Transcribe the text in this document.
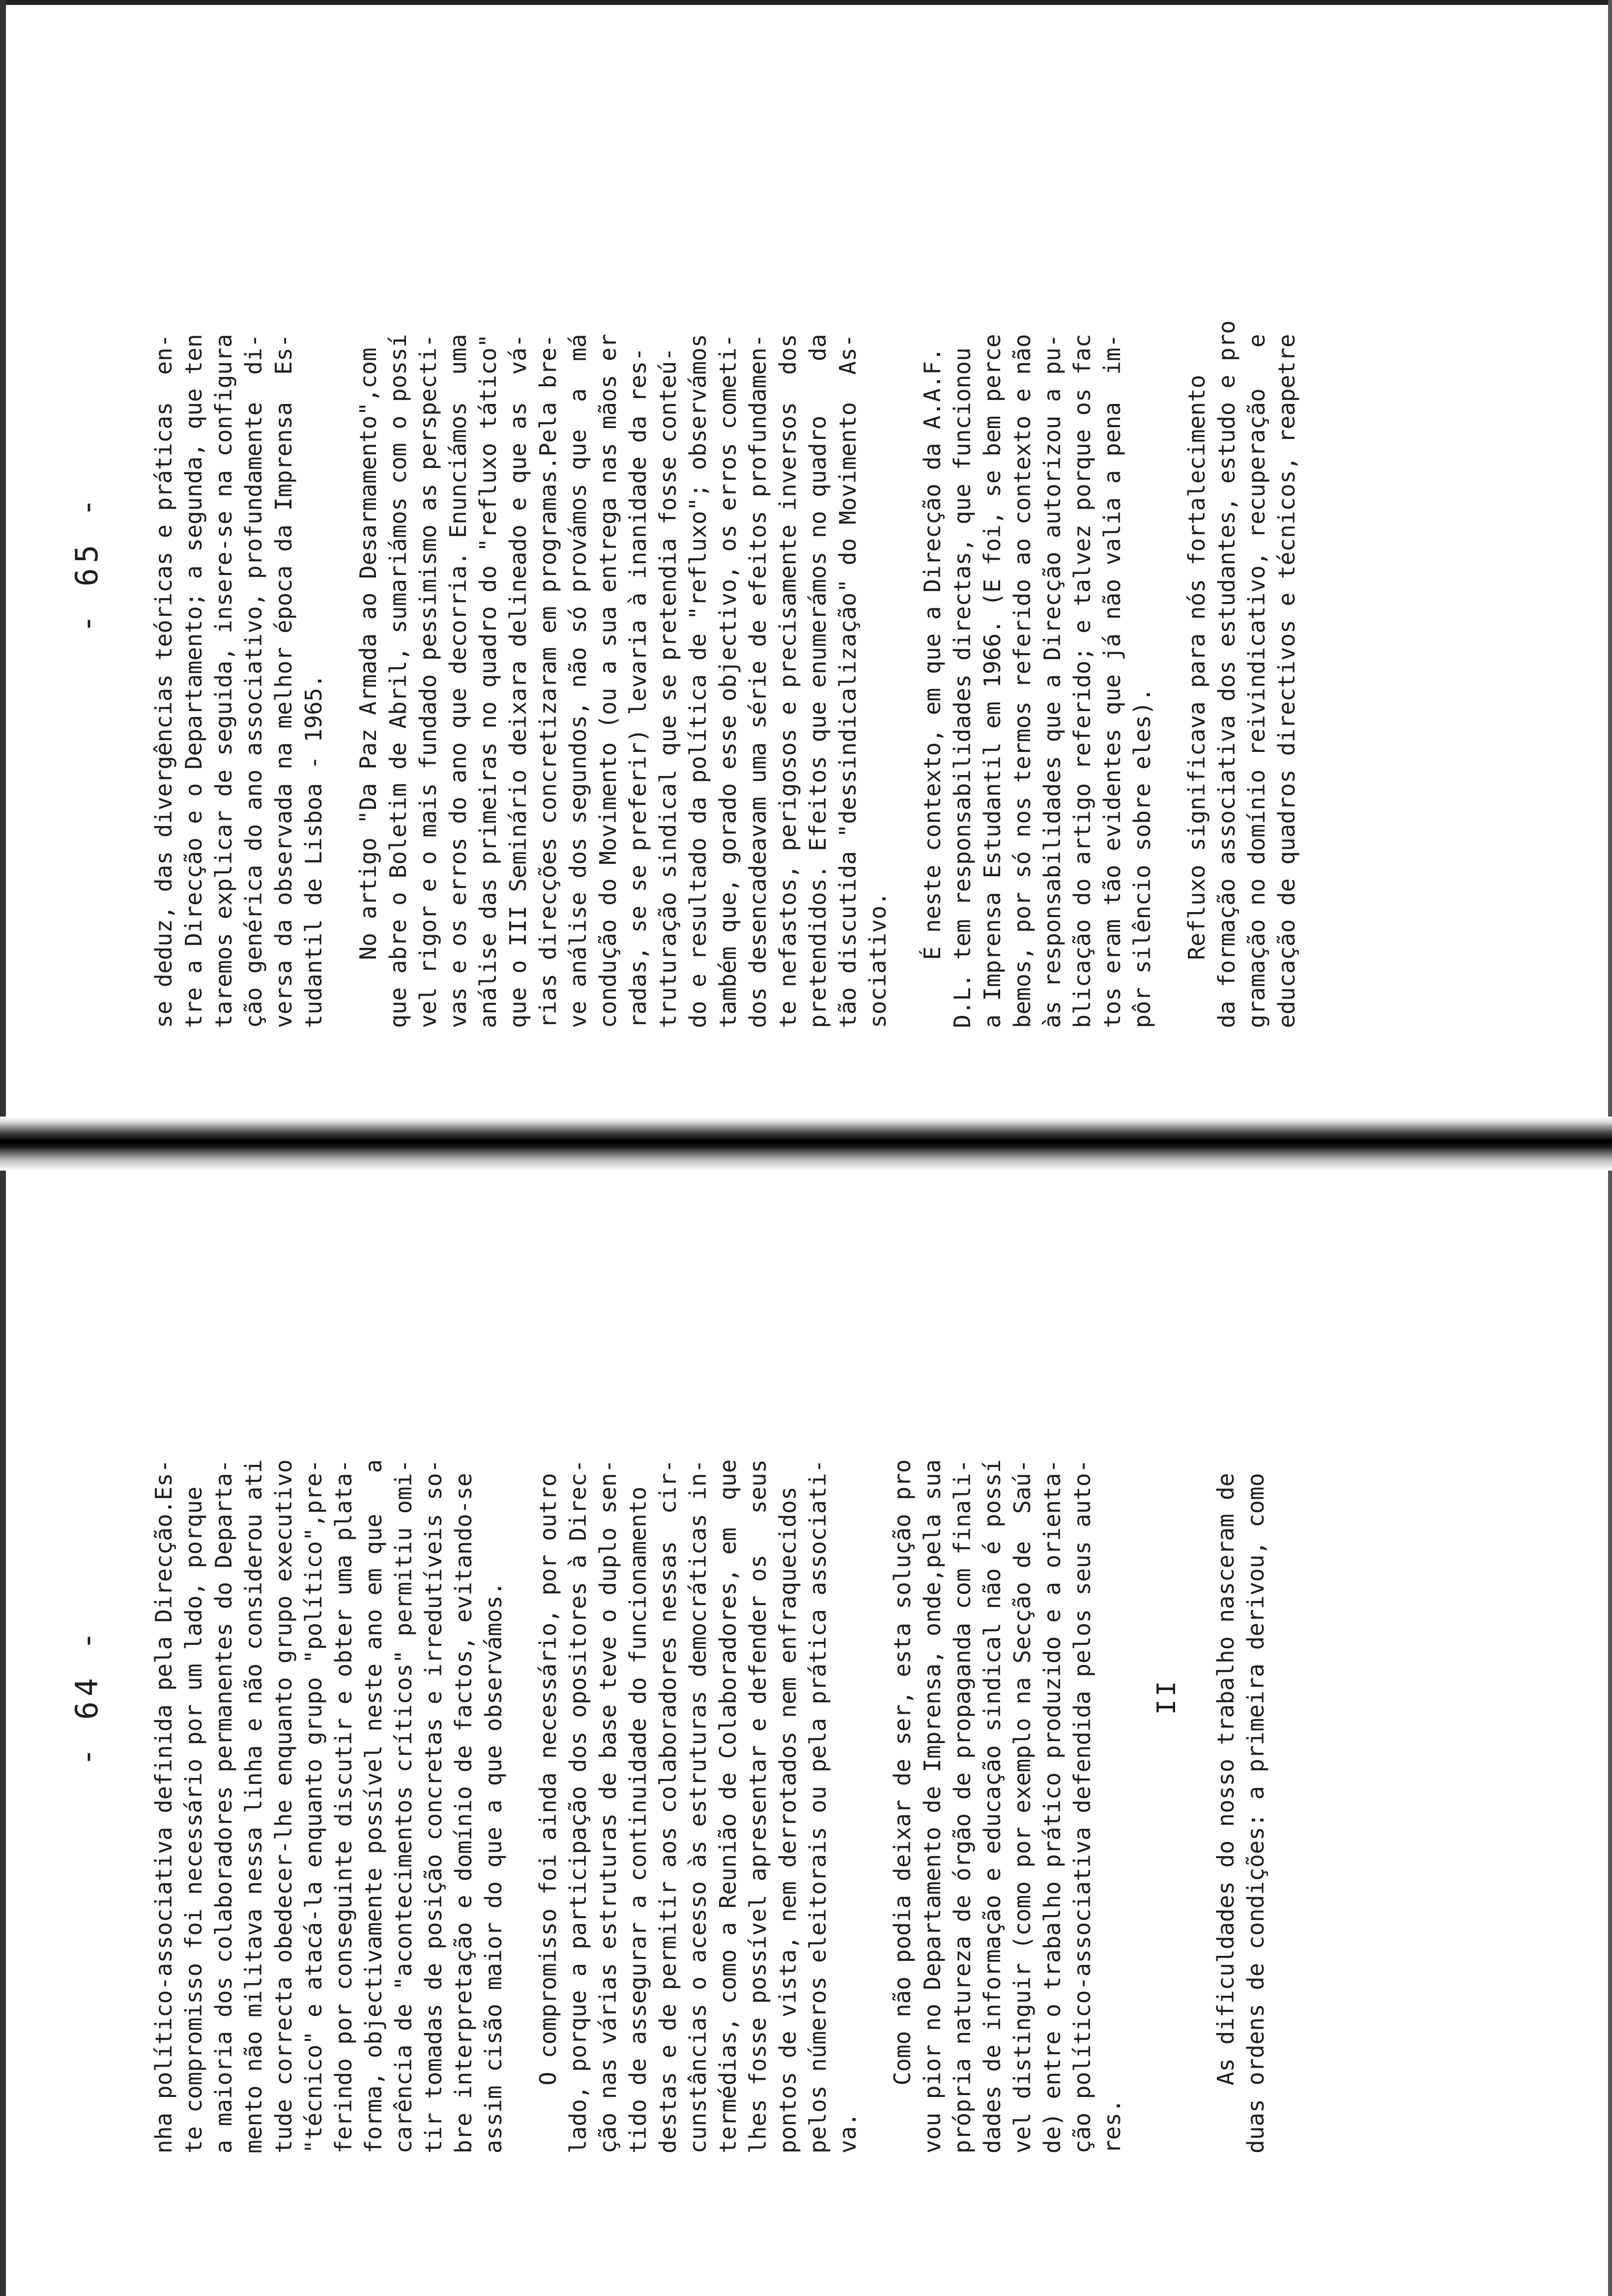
- 64 -

nha político-associativa definida pela Direcção.Es-
te compromisso foi necessário por um lado, porque
a maioria dos colaboradores permanentes do Departa-
mento não militava nessa linha e não considerou ati
tude correcta obedecer-lhe enquanto grupo executivo
"técnico" e atacá-la enquanto grupo "político",pre-
ferindo por conseguinte discutir e obter uma plata-
forma, objectivamente possível neste ano em que   a
carência de "acontecimentos críticos" permitiu omi-
tir tomadas de posição concretas e irredutíveis so-
bre interpretação e domínio de factos, evitando-se
assim cisão maior do que a que observámos.

O compromisso foi ainda necessário, por outro
lado, porque a participação dos opositores à Direc-
ção nas várias estruturas de base teve o duplo sen-
tido de assegurar a continuidade do funcionamento
destas e de permitir aos colaboradores nessas  cir-
cunstâncias o acesso às estruturas democráticas in-
termédias, como a Reunião de Colaboradores, em  que
lhes fosse possível apresentar e defender os   seus
pontos de vista, nem derrotados nem enfraquecidos
pelos números eleitorais ou pela prática associati-
va.

Como não podia deixar de ser, esta solução pro
vou pior no Departamento de Imprensa, onde,pela sua
própria natureza de órgão de propaganda com finali-
dades de informação e educação sindical não é possí
vel distinguir (como por exemplo na Secção de  Saú-
de) entre o trabalho prático produzido e a orienta-
ção político-associativa defendida pelos seus auto-
res.

II

As dificuldades do nosso trabalho nasceram de
duas ordens de condições: a primeira derivou, como

- 65 -

se deduz, das divergências teóricas e práticas  en-
tre a Direcção e o Departamento; a segunda, que ten
taremos explicar de seguida, insere-se na configura
ção genérica do ano associativo, profundamente  di-
versa da observada na melhor época da Imprensa  Es-
tudantil de Lisboa - 1965.

No artigo "Da Paz Armada ao Desarmamento",com
que abre o Boletim de Abril, sumariámos com o possí
vel rigor e o mais fundado pessimismo as perspecti-
vas e os erros do ano que decorria. Enunciámos  uma
análise das primeiras no quadro do "refluxo tático"
que o III Seminário deixara delineado e que as  vá-
rias direcções concretizaram em programas.Pela bre-
ve análise dos segundos, não só provámos que  a  má
condução do Movimento (ou a sua entrega nas mãos er
radas, se se preferir) levaria à inanidade da res-
truturação sindical que se pretendia fosse conteú-
do e resultado da política de "refluxo"; observámos
também que, gorado esse objectivo, os erros cometi-
dos desencadeavam uma série de efeitos profundamen-
te nefastos, perigosos e precisamente inversos  dos
pretendidos. Efeitos que enumerámos no quadro    da
tão discutida "dessindicalização" do Movimento  As-
sociativo. É neste contexto, em que a Direcção da A.A.F.
D.L. tem responsabilidades directas, que funcionou
a Imprensa Estudantil em 1966. (E foi, se bem perce
bemos, por só nos termos referido ao contexto e não
às responsabilidades que a Direcção autorizou a pu-
blicação do artigo referido; e talvez porque os fac
tos eram tão evidentes que já não valia a pena  im-
pôr silêncio sobre eles).

Refluxo significava para nós fortalecimento
da formação associativa dos estudantes, estudo e pro
gramação no domínio reivindicativo, recuperação   e
educação de quadros directivos e técnicos, reapetre
